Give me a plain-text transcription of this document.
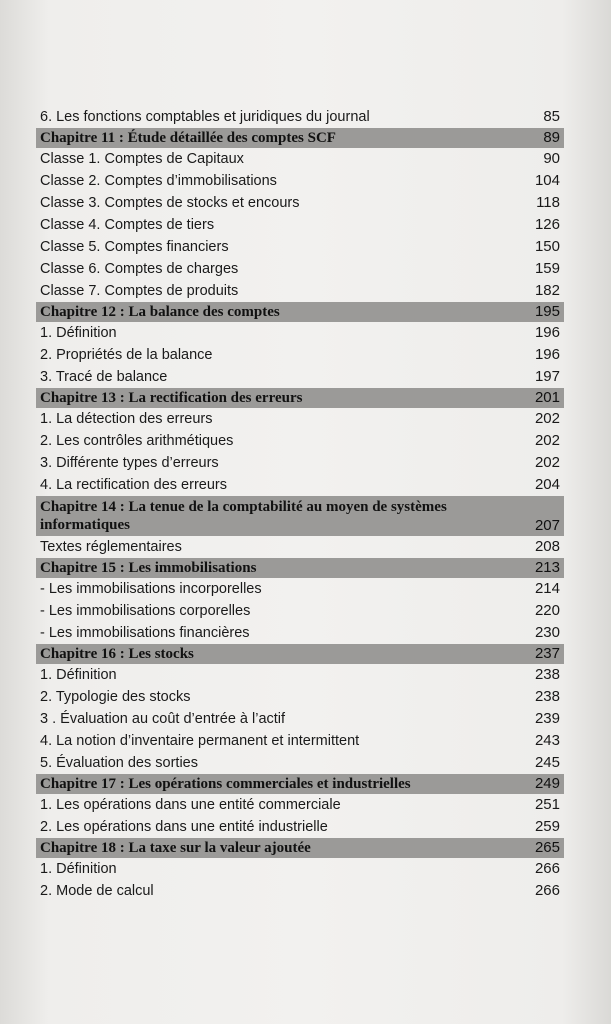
6. Les fonctions comptables et juridiques du journal	85
Chapitre 11 : Étude détaillée des comptes SCF	89
Classe 1. Comptes de Capitaux	90
Classe 2. Comptes d’immobilisations	104
Classe 3. Comptes de stocks et encours	118
Classe 4. Comptes de tiers	126
Classe 5. Comptes financiers	150
Classe 6. Comptes de charges	159
Classe 7. Comptes de produits	182
Chapitre 12 : La balance des comptes	195
1. Définition	196
2. Propriétés de la balance	196
3. Tracé de balance	197
Chapitre 13 : La rectification des erreurs	201
1. La détection des erreurs	202
2. Les contrôles arithmétiques	202
3. Différente types d’erreurs	202
4. La rectification des erreurs	204
Chapitre 14 : La tenue de la comptabilité au moyen de systèmes informatiques	207
Textes réglementaires	208
Chapitre 15 : Les immobilisations	213
- Les immobilisations incorporelles	214
- Les immobilisations corporelles	220
- Les immobilisations financières	230
Chapitre 16 : Les stocks	237
1. Définition	238
2. Typologie des stocks	238
3 . Évaluation au coût d’entrée à l’actif	239
4. La notion d’inventaire permanent et intermittent	243
5. Évaluation des sorties	245
Chapitre 17 : Les opérations commerciales et industrielles	249
1. Les opérations dans une entité commerciale	251
2. Les opérations dans une entité industrielle	259
Chapitre 18 : La taxe sur la valeur ajoutée	265
1. Définition	266
2. Mode de calcul	266
